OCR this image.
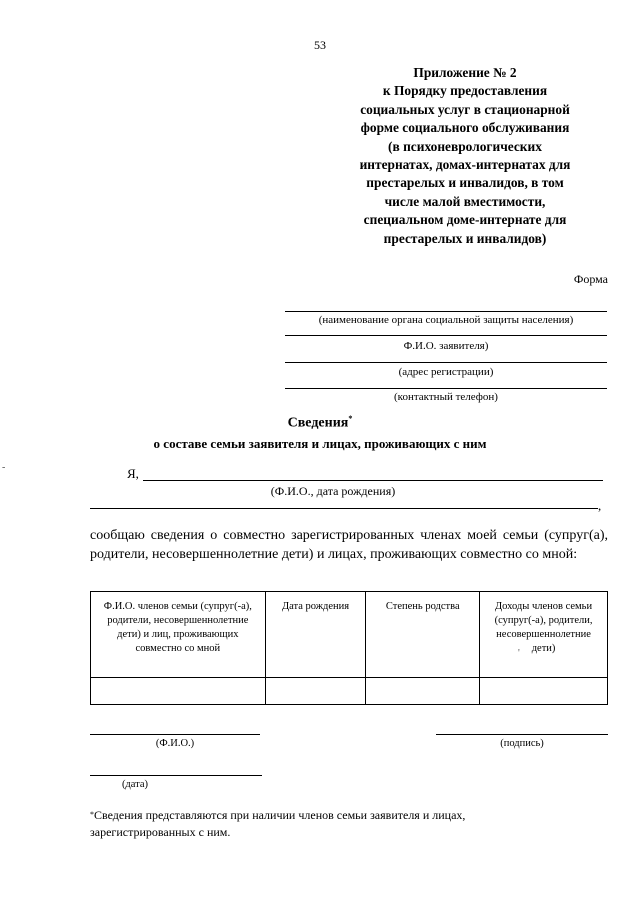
53
Приложение № 2
к Порядку предоставления
социальных услуг в стационарной
форме социального обслуживания
(в психоневрологических
интернатах, домах-интернатах для
престарелых и инвалидов, в том
числе малой вместимости,
специальном доме-интернате для
престарелых и инвалидов)
Форма
(наименование органа социальной защиты населения)
Ф.И.О. заявителя)
(адрес регистрации)
(контактный телефон)
Сведения*
о составе семьи заявителя и лицах, проживающих с ним
Я,
(Ф.И.О., дата рождения)
,
сообщаю сведения о совместно зарегистрированных членах моей семьи (супруг(а), родители, несовершеннолетние дети) и лицах, проживающих совместно со мной:
Ф.И.О. членов семьи (супруг(-а), родители, несовершеннолетние дети) и лиц, проживающих совместно со мной	Дата рождения	Степень родства	Доходы членов семьи (супруг(-а), родители, несовершеннолетние дети)

(Ф.И.О.)	(подпись)
(дата)
*Сведения представляются при наличии членов семьи заявителя и лицах,
зарегистрированных с ним.
-
'
